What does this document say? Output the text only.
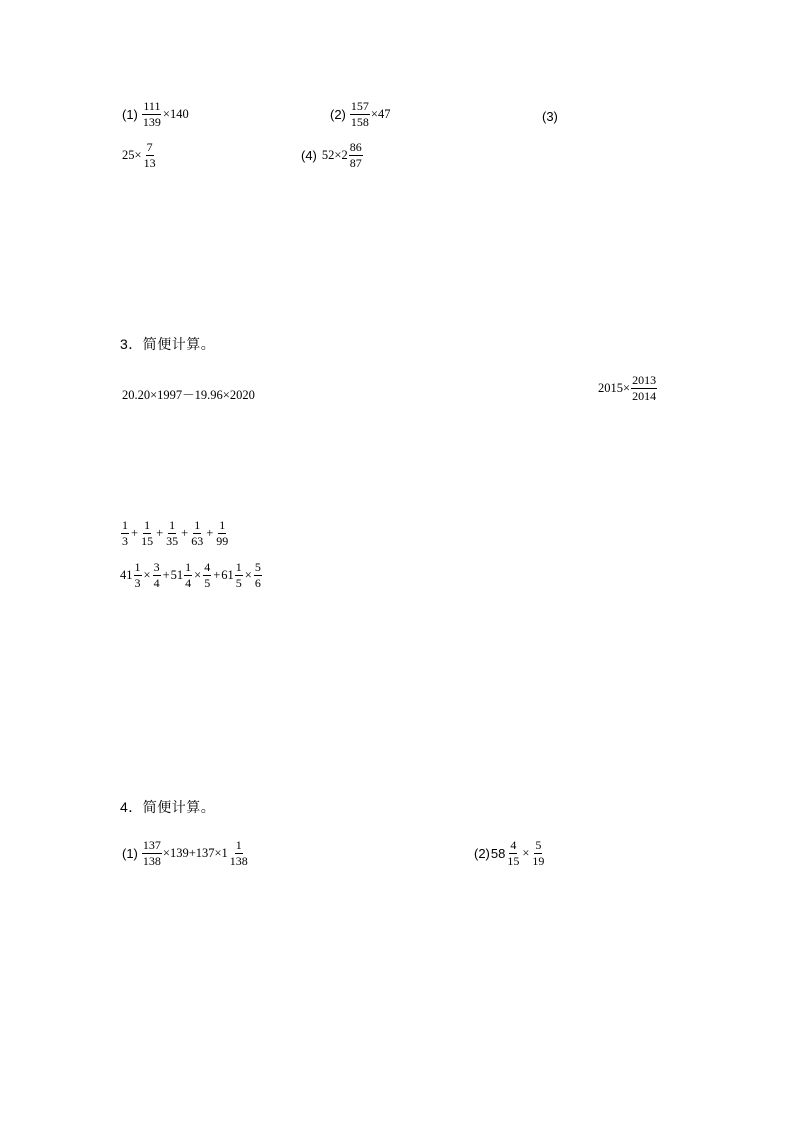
$(1) \frac{111}{139} \times 140$	$(2) \frac{157}{158} \times 47$	(3)
$25\times \frac{7}{13}$	(4) $52\times 2 \frac{86}{87}$
3．简便计算。
20.20×1997－19.96×2020
$2015\times \frac{2013}{2014}$
$\frac{1}{3} + \frac{1}{15} + \frac{1}{35} + \frac{1}{63} + \frac{1}{99}$
$41 \frac{1}{3} \times \frac{3}{4} + 51 \frac{1}{4} \times \frac{4}{5} + 61 \frac{1}{5} \times \frac{5}{6}$
4．简便计算。
$(1) \frac{137}{138} \times 139+137\times 1 \frac{1}{138}$	(2) $58 \frac{4}{15} \times \frac{5}{19}$
